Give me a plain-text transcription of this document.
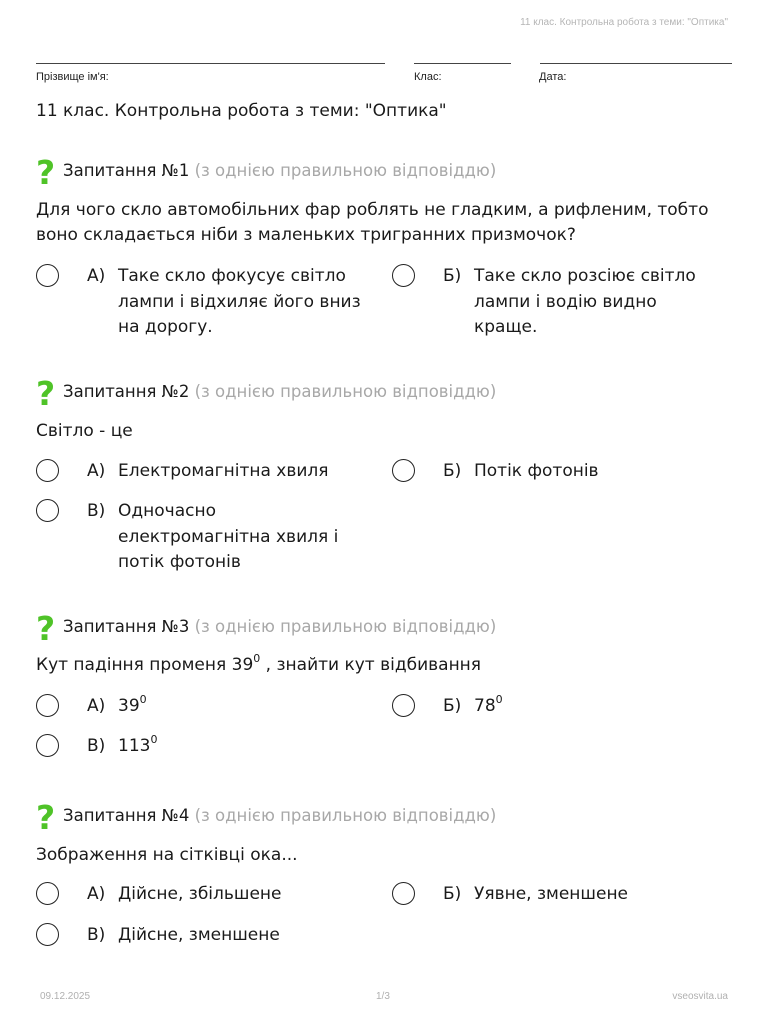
11 клас. Контрольна робота з теми: "Оптика"
Прізвище ім'я:	Клас:	Дата:
11 клас. Контрольна робота з теми: "Оптика"
? Запитання №1 (з однією правильною відповіддю)
Для чого скло автомобільних фар роблять не гладким, а рифленим, тобто воно складається ніби з маленьких тригранних призмочок?
А) Таке скло фокусує світло лампи і відхиляє його вниз на дорогу.
Б) Таке скло розсіює світло лампи і водію видно краще.
? Запитання №2 (з однією правильною відповіддю)
Світло - це
А) Електромагнітна хвиля	Б) Потік фотонів
В) Одночасно електромагнітна хвиля і потік фотонів
? Запитання №3 (з однією правильною відповіддю)
Кут падіння променя $39^0$ , знайти кут відбивання
А) $39^0$	Б) $78^0$
В) $113^0$
? Запитання №4 (з однією правильною відповіддю)
Зображення на сітківці ока...
А) Дійсне, збільшене	Б) Уявне, зменшене
В) Дійсне, зменшене
09.12.2025	1/3	vseosvita.ua
